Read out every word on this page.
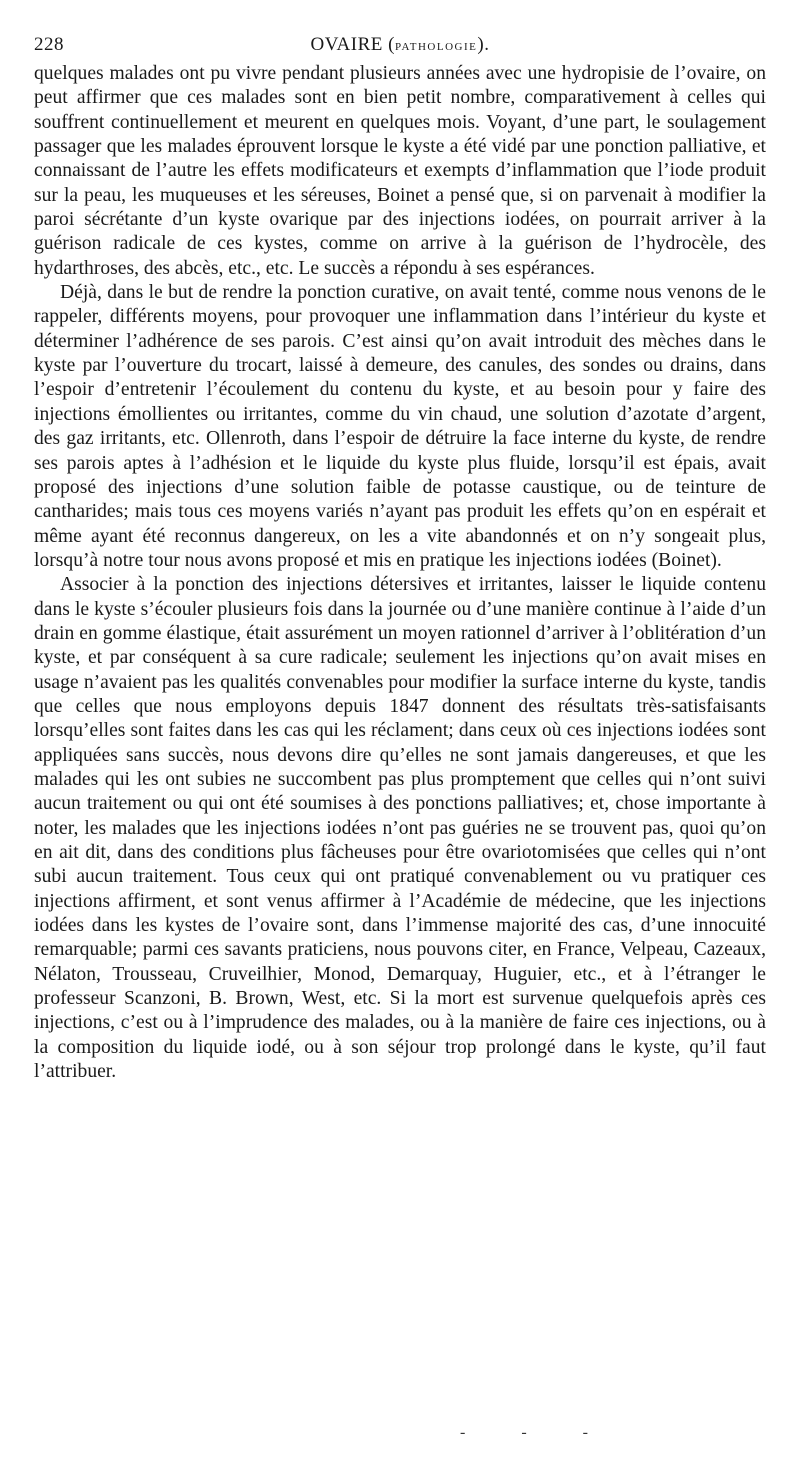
228	OVAIRE (pathologie).

quelques malades ont pu vivre pendant plusieurs années avec une hydropisie de l’ovaire, on peut affirmer que ces malades sont en bien petit nombre, comparativement à celles qui souffrent continuellement et meurent en quelques mois. Voyant, d’une part, le soulagement passager que les malades éprouvent lorsque le kyste a été vidé par une ponction palliative, et connaissant de l’autre les effets modificateurs et exempts d’inflammation que l’iode produit sur la peau, les muqueuses et les séreuses, Boinet a pensé que, si on parvenait à modifier la paroi sécrétante d’un kyste ovarique par des injections iodées, on pourrait arriver à la guérison radicale de ces kystes, comme on arrive à la guérison de l’hydrocèle, des hydarthroses, des abcès, etc., etc. Le succès a répondu à ses espérances.

Déjà, dans le but de rendre la ponction curative, on avait tenté, comme nous venons de le rappeler, différents moyens, pour provoquer une inflammation dans l’intérieur du kyste et déterminer l’adhérence de ses parois. C’est ainsi qu’on avait introduit des mèches dans le kyste par l’ouverture du trocart, laissé à demeure, des canules, des sondes ou drains, dans l’espoir d’entretenir l’écoulement du contenu du kyste, et au besoin pour y faire des injections émollientes ou irritantes, comme du vin chaud, une solution d’azotate d’argent, des gaz irritants, etc. Ollenroth, dans l’espoir de détruire la face interne du kyste, de rendre ses parois aptes à l’adhésion et le liquide du kyste plus fluide, lorsqu’il est épais, avait proposé des injections d’une solution faible de potasse caustique, ou de teinture de cantharides; mais tous ces moyens variés n’ayant pas produit les effets qu’on en espérait et même ayant été reconnus dangereux, on les a vite abandonnés et on n’y songeait plus, lorsqu’à notre tour nous avons proposé et mis en pratique les injections iodées (Boinet).

Associer à la ponction des injections détersives et irritantes, laisser le liquide contenu dans le kyste s’écouler plusieurs fois dans la journée ou d’une manière continue à l’aide d’un drain en gomme élastique, était assurément un moyen rationnel d’arriver à l’oblitération d’un kyste, et par conséquent à sa cure radicale; seulement les injections qu’on avait mises en usage n’avaient pas les qualités convenables pour modifier la surface interne du kyste, tandis que celles que nous employons depuis 1847 donnent des résultats très-satisfaisants lorsqu’elles sont faites dans les cas qui les réclament; dans ceux où ces injections iodées sont appliquées sans succès, nous devons dire qu’elles ne sont jamais dangereuses, et que les malades qui les ont subies ne succombent pas plus promptement que celles qui n’ont suivi aucun traitement ou qui ont été soumises à des ponctions palliatives; et, chose importante à noter, les malades que les injections iodées n’ont pas guéries ne se trouvent pas, quoi qu’on en ait dit, dans des conditions plus fâcheuses pour être ovariotomisées que celles qui n’ont subi aucun traitement. Tous ceux qui ont pratiqué convenablement ou vu pratiquer ces injections affirment, et sont venus affirmer à l’Académie de médecine, que les injections iodées dans les kystes de l’ovaire sont, dans l’immense majorité des cas, d’une innocuité remarquable; parmi ces savants praticiens, nous pouvons citer, en France, Velpeau, Cazeaux, Nélaton, Trousseau, Cruveilhier, Monod, Demarquay, Huguier, etc., et à l’étranger le professeur Scanzoni, B. Brown, West, etc. Si la mort est survenue quelquefois après ces injections, c’est ou à l’imprudence des malades, ou à la manière de faire ces injections, ou à la composition du liquide iodé, ou à son séjour trop prolongé dans le kyste, qu’il faut l’attribuer.

- - -
